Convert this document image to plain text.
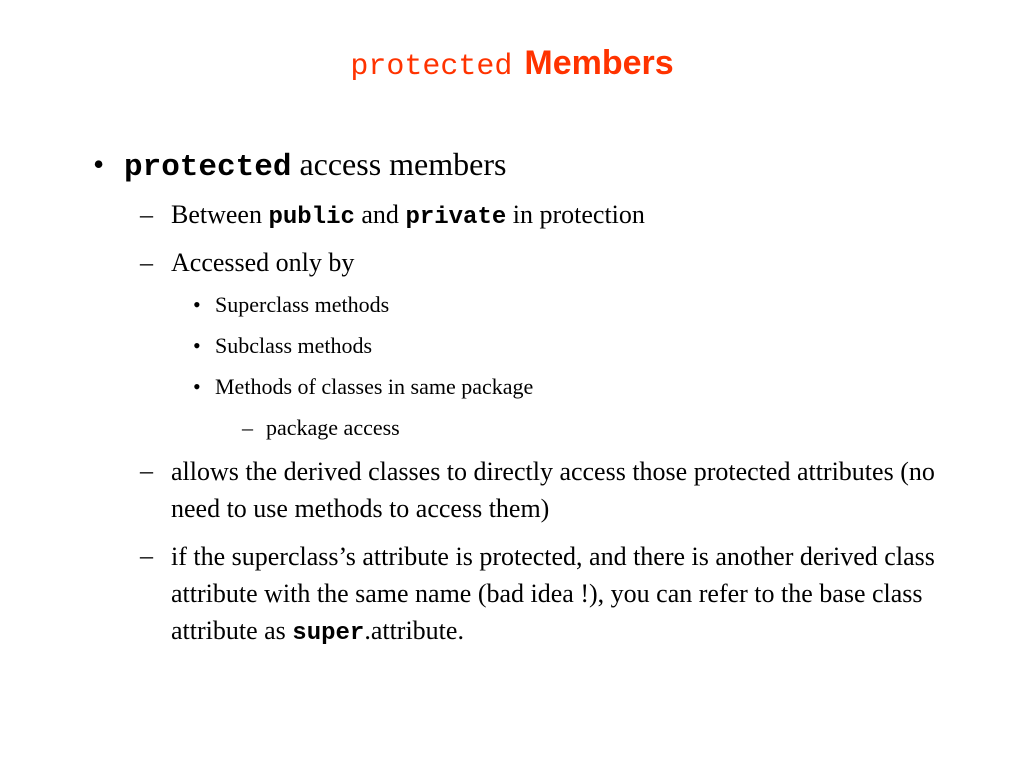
protected Members
• protected access members
– Between public and private in protection
– Accessed only by
• Superclass methods
• Subclass methods
• Methods of classes in same package
– package access
– allows the derived classes to directly access those protected attributes (no need to use methods to access them)
– if the superclass’s attribute is protected, and there is another derived class attribute with the same name (bad idea !), you can refer to the base class attribute as super.attribute.
